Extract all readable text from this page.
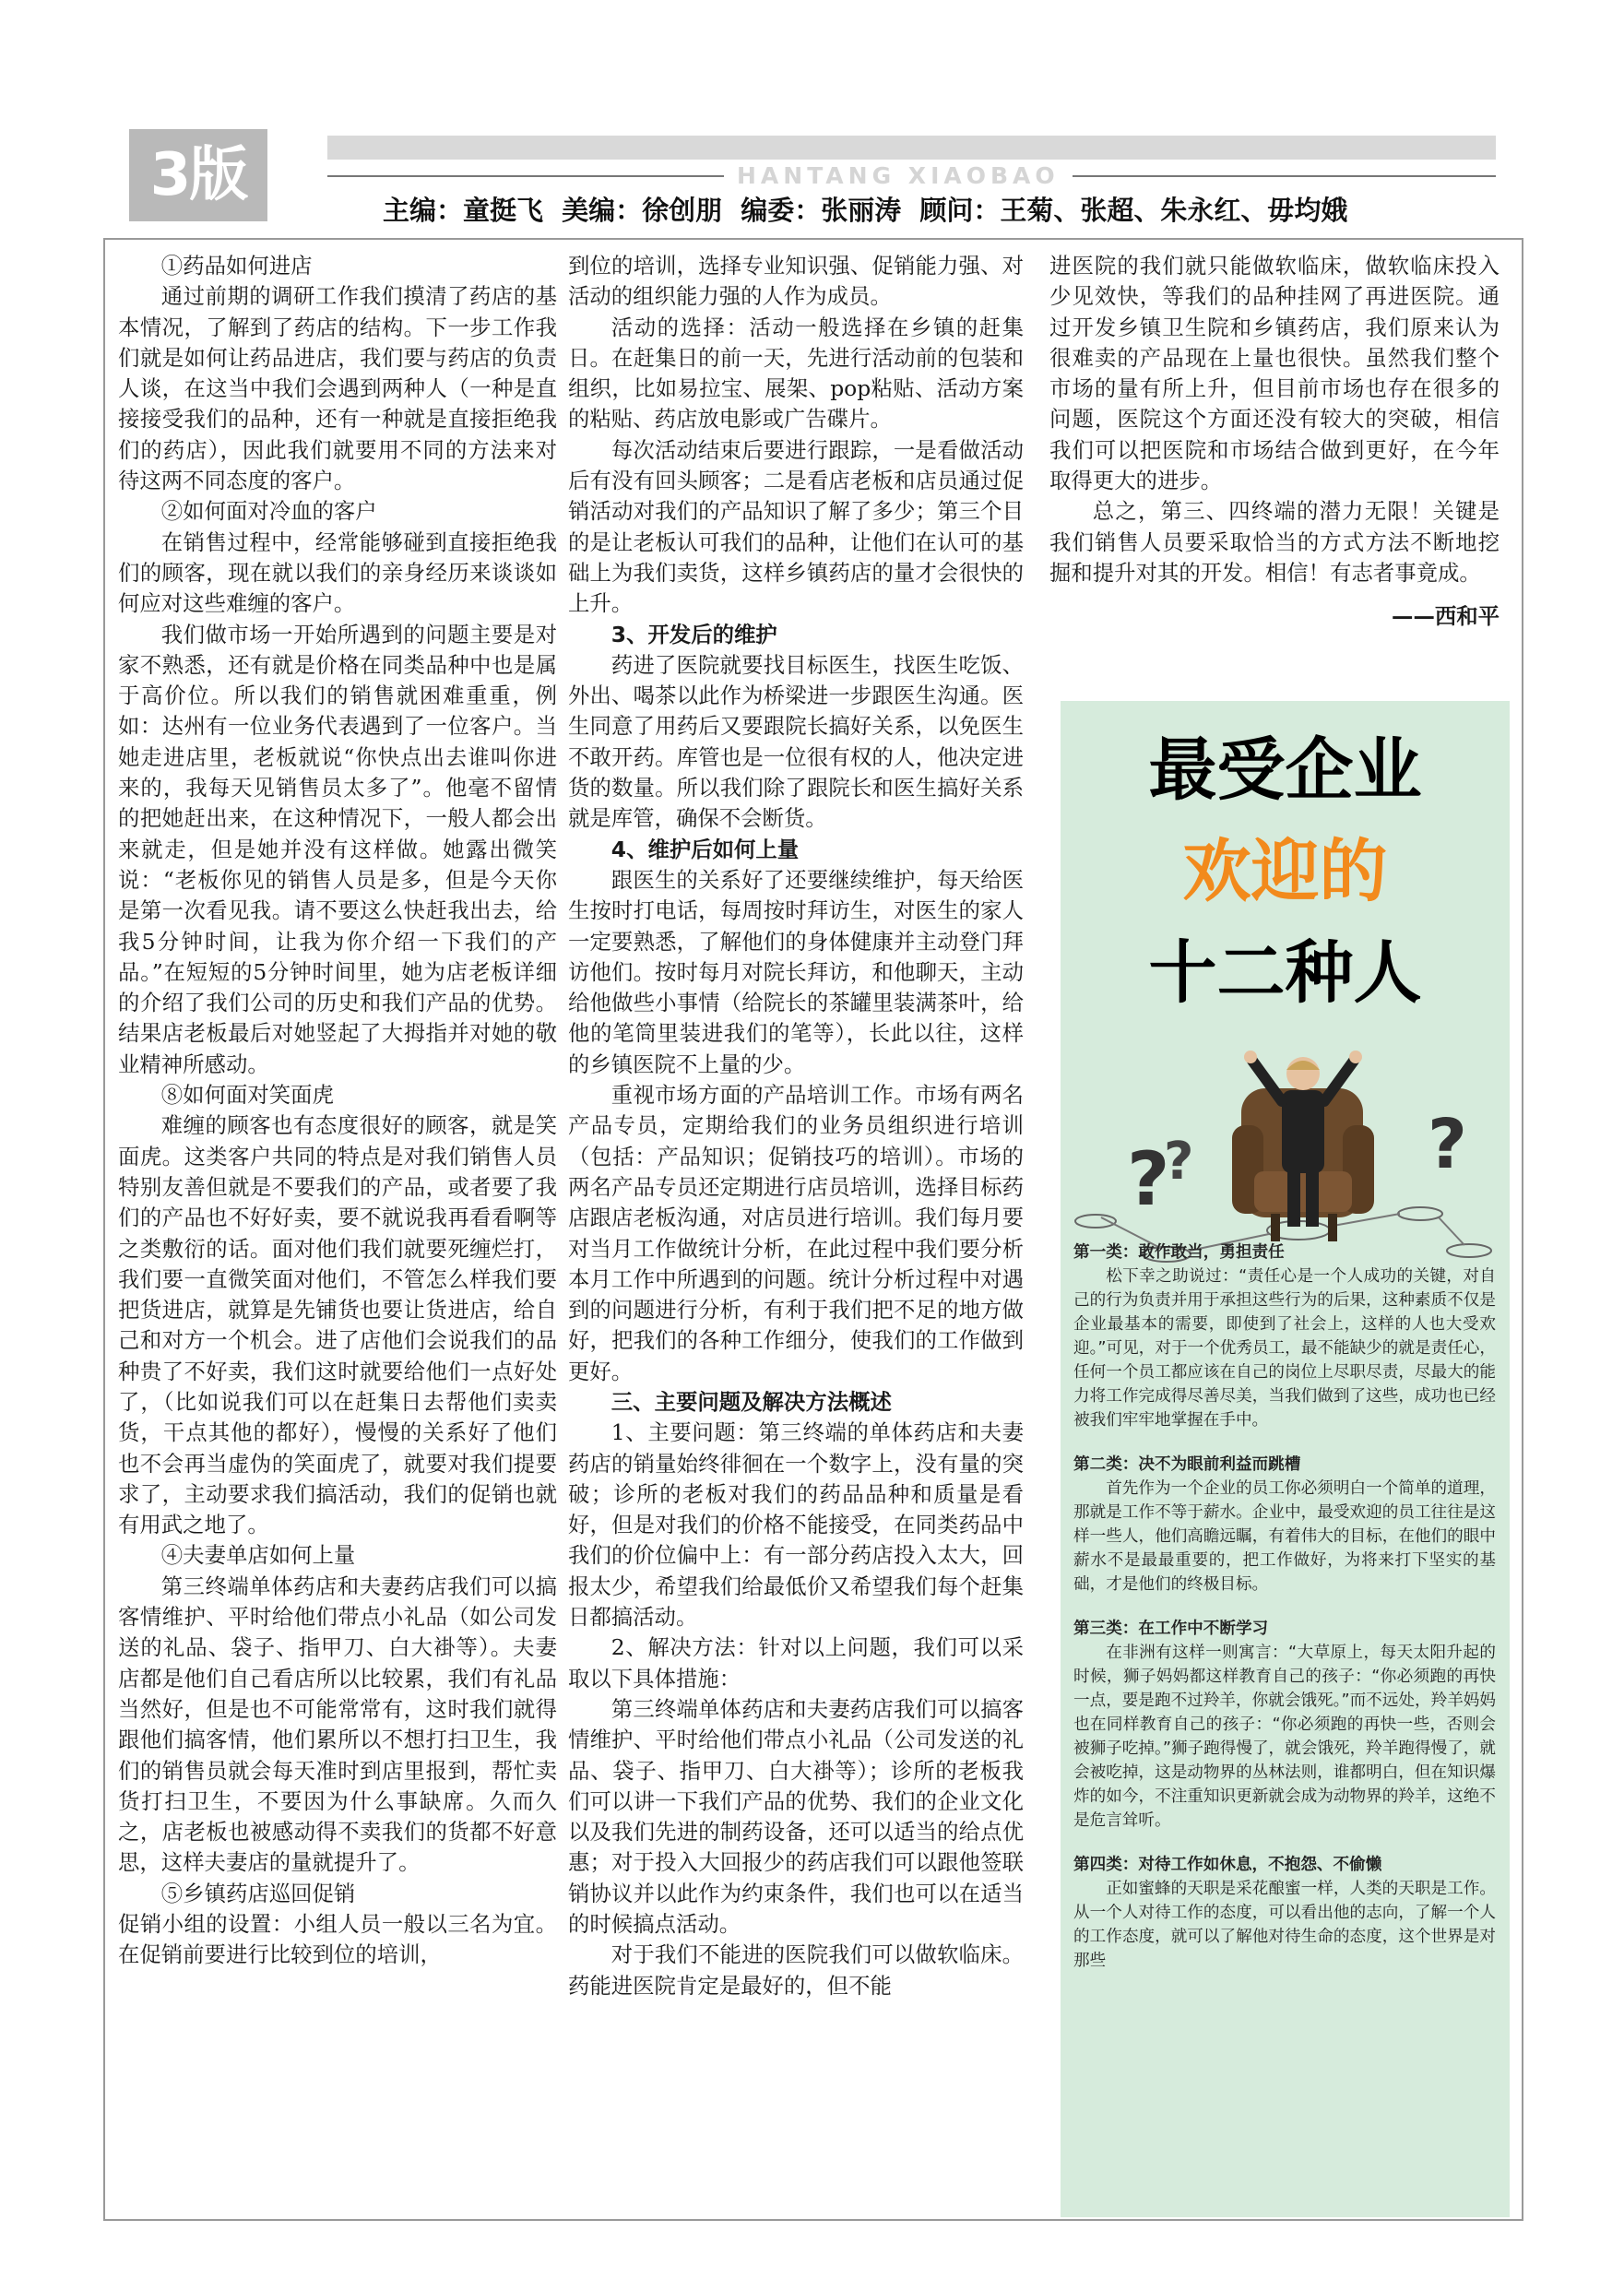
3版	HANTANG XIAOBAO
主编：童挺飞 美编：徐创朋 编委：张丽涛 顾问：王菊、张超、朱永红、毋均娥

①药品如何进店

通过前期的调研工作我们摸清了药店的基本情况，了解到了药店的结构。下一步工作我们就是如何让药品进店，我们要与药店的负责人谈，在这当中我们会遇到两种人（一种是直接接受我们的品种，还有一种就是直接拒绝我们的药店），因此我们就要用不同的方法来对待这两不同态度的客户。

②如何面对冷血的客户

在销售过程中，经常能够碰到直接拒绝我们的顾客，现在就以我们的亲身经历来谈谈如何应对这些难缠的客户。

我们做市场一开始所遇到的问题主要是对家不熟悉，还有就是价格在同类品种中也是属于高价位。所以我们的销售就困难重重，例如：达州有一位业务代表遇到了一位客户。当她走进店里，老板就说“你快点出去谁叫你进来的，我每天见销售员太多了”。他毫不留情的把她赶出来，在这种情况下，一般人都会出来就走，但是她并没有这样做。她露出微笑说：“老板你见的销售人员是多，但是今天你是第一次看见我。请不要这么快赶我出去，给我5分钟时间，让我为你介绍一下我们的产品。”在短短的5分钟时间里，她为店老板详细的介绍了我们公司的历史和我们产品的优势。结果店老板最后对她竖起了大拇指并对她的敬业精神所感动。

⑧如何面对笑面虎

难缠的顾客也有态度很好的顾客，就是笑面虎。这类客户共同的特点是对我们销售人员特别友善但就是不要我们的产品，或者要了我们的产品也不好好卖，要不就说我再看看啊等之类敷衍的话。面对他们我们就要死缠烂打，我们要一直微笑面对他们，不管怎么样我们要把货进店，就算是先铺货也要让货进店，给自己和对方一个机会。进了店他们会说我们的品种贵了不好卖，我们这时就要给他们一点好处了，（比如说我们可以在赶集日去帮他们卖卖货，干点其他的都好），慢慢的关系好了他们也不会再当虚伪的笑面虎了，就要对我们提要求了，主动要求我们搞活动，我们的促销也就有用武之地了。

④夫妻单店如何上量

第三终端单体药店和夫妻药店我们可以搞客情维护、平时给他们带点小礼品（如公司发送的礼品、袋子、指甲刀、白大褂等）。夫妻店都是他们自己看店所以比较累，我们有礼品当然好，但是也不可能常常有，这时我们就得跟他们搞客情，他们累所以不想打扫卫生，我们的销售员就会每天准时到店里报到，帮忙卖货打扫卫生，不要因为什么事缺席。久而久之，店老板也被感动得不卖我们的货都不好意思，这样夫妻店的量就提升了。

⑤乡镇药店巡回促销

促销小组的设置：小组人员一般以三名为宜。在促销前要进行比较到位的培训，

到位的培训，选择专业知识强、促销能力强、对活动的组织能力强的人作为成员。

活动的选择：活动一般选择在乡镇的赶集日。在赶集日的前一天，先进行活动前的包装和组织，比如易拉宝、展架、pop粘贴、活动方案的粘贴、药店放电影或广告碟片。

每次活动结束后要进行跟踪，一是看做活动后有没有回头顾客；二是看店老板和店员通过促销活动对我们的产品知识了解了多少；第三个目的是让老板认可我们的品种，让他们在认可的基础上为我们卖货，这样乡镇药店的量才会很快的上升。

3、开发后的维护

药进了医院就要找目标医生，找医生吃饭、外出、喝茶以此作为桥梁进一步跟医生沟通。医生同意了用药后又要跟院长搞好关系，以免医生不敢开药。库管也是一位很有权的人，他决定进货的数量。所以我们除了跟院长和医生搞好关系就是库管，确保不会断货。

4、维护后如何上量

跟医生的关系好了还要继续维护，每天给医生按时打电话，每周按时拜访生，对医生的家人一定要熟悉，了解他们的身体健康并主动登门拜访他们。按时每月对院长拜访，和他聊天，主动给他做些小事情（给院长的茶罐里装满茶叶，给他的笔筒里装进我们的笔等），长此以往，这样的乡镇医院不上量的少。

重视市场方面的产品培训工作。市场有两名产品专员，定期给我们的业务员组织进行培训（包括：产品知识；促销技巧的培训）。市场的两名产品专员还定期进行店员培训，选择目标药店跟店老板沟通，对店员进行培训。我们每月要对当月工作做统计分析，在此过程中我们要分析本月工作中所遇到的问题。统计分析过程中对遇到的问题进行分析，有利于我们把不足的地方做好，把我们的各种工作细分，使我们的工作做到更好。

三、主要问题及解决方法概述

1、主要问题：第三终端的单体药店和夫妻药店的销量始终徘徊在一个数字上，没有量的突破；诊所的老板对我们的药品品种和质量是看好，但是对我们的价格不能接受，在同类药品中我们的价位偏中上：有一部分药店投入太大，回报太少，希望我们给最低价又希望我们每个赶集日都搞活动。

2、解决方法：针对以上问题，我们可以采取以下具体措施：

第三终端单体药店和夫妻药店我们可以搞客情维护、平时给他们带点小礼品（公司发送的礼品、袋子、指甲刀、白大褂等）；诊所的老板我们可以讲一下我们产品的优势、我们的企业文化以及我们先进的制药设备，还可以适当的给点优惠；对于投入大回报少的药店我们可以跟他签联销协议并以此作为约束条件，我们也可以在适当的时候搞点活动。

对于我们不能进的医院我们可以做软临床。药能进医院肯定是最好的，但不能

进医院的我们就只能做软临床，做软临床投入少见效快，等我们的品种挂网了再进医院。通过开发乡镇卫生院和乡镇药店，我们原来认为很难卖的产品现在上量也很快。虽然我们整个市场的量有所上升，但目前市场也存在很多的问题，医院这个方面还没有较大的突破，相信我们可以把医院和市场结合做到更好，在今年取得更大的进步。

总之，第三、四终端的潜力无限！关键是我们销售人员要采取恰当的方式方法不断地挖掘和提升对其的开发。相信！有志者事竟成。

——西和平

最受企业
欢迎的
十二种人
?
?	?

第一类：敢作敢当，勇担责任

松下幸之助说过：“责任心是一个人成功的关键，对自己的行为负责并用于承担这些行为的后果，这种素质不仅是企业最基本的需要，即使到了社会上，这样的人也大受欢迎。”可见，对于一个优秀员工，最不能缺少的就是责任心，任何一个员工都应该在自己的岗位上尽职尽责，尽最大的能力将工作完成得尽善尽美，当我们做到了这些，成功也已经被我们牢牢地掌握在手中。

第二类：决不为眼前利益而跳槽

首先作为一个企业的员工你必须明白一个简单的道理，那就是工作不等于薪水。企业中，最受欢迎的员工往往是这样一些人，他们高瞻远瞩，有着伟大的目标，在他们的眼中薪水不是最最重要的，把工作做好，为将来打下坚实的基础，才是他们的终极目标。

第三类：在工作中不断学习

在非洲有这样一则寓言：“大草原上，每天太阳升起的时候，狮子妈妈都这样教育自己的孩子：“你必须跑的再快一点，要是跑不过羚羊，你就会饿死。”而不远处，羚羊妈妈也在同样教育自己的孩子：“你必须跑的再快一些，否则会被狮子吃掉。”狮子跑得慢了，就会饿死，羚羊跑得慢了，就会被吃掉，这是动物界的丛林法则，谁都明白，但在知识爆炸的如今，不注重知识更新就会成为动物界的羚羊，这绝不是危言耸听。

第四类：对待工作如休息，不抱怨、不偷懒

正如蜜蜂的天职是采花酿蜜一样，人类的天职是工作。从一个人对待工作的态度，可以看出他的志向，了解一个人的工作态度，就可以了解他对待生命的态度，这个世界是对那些
